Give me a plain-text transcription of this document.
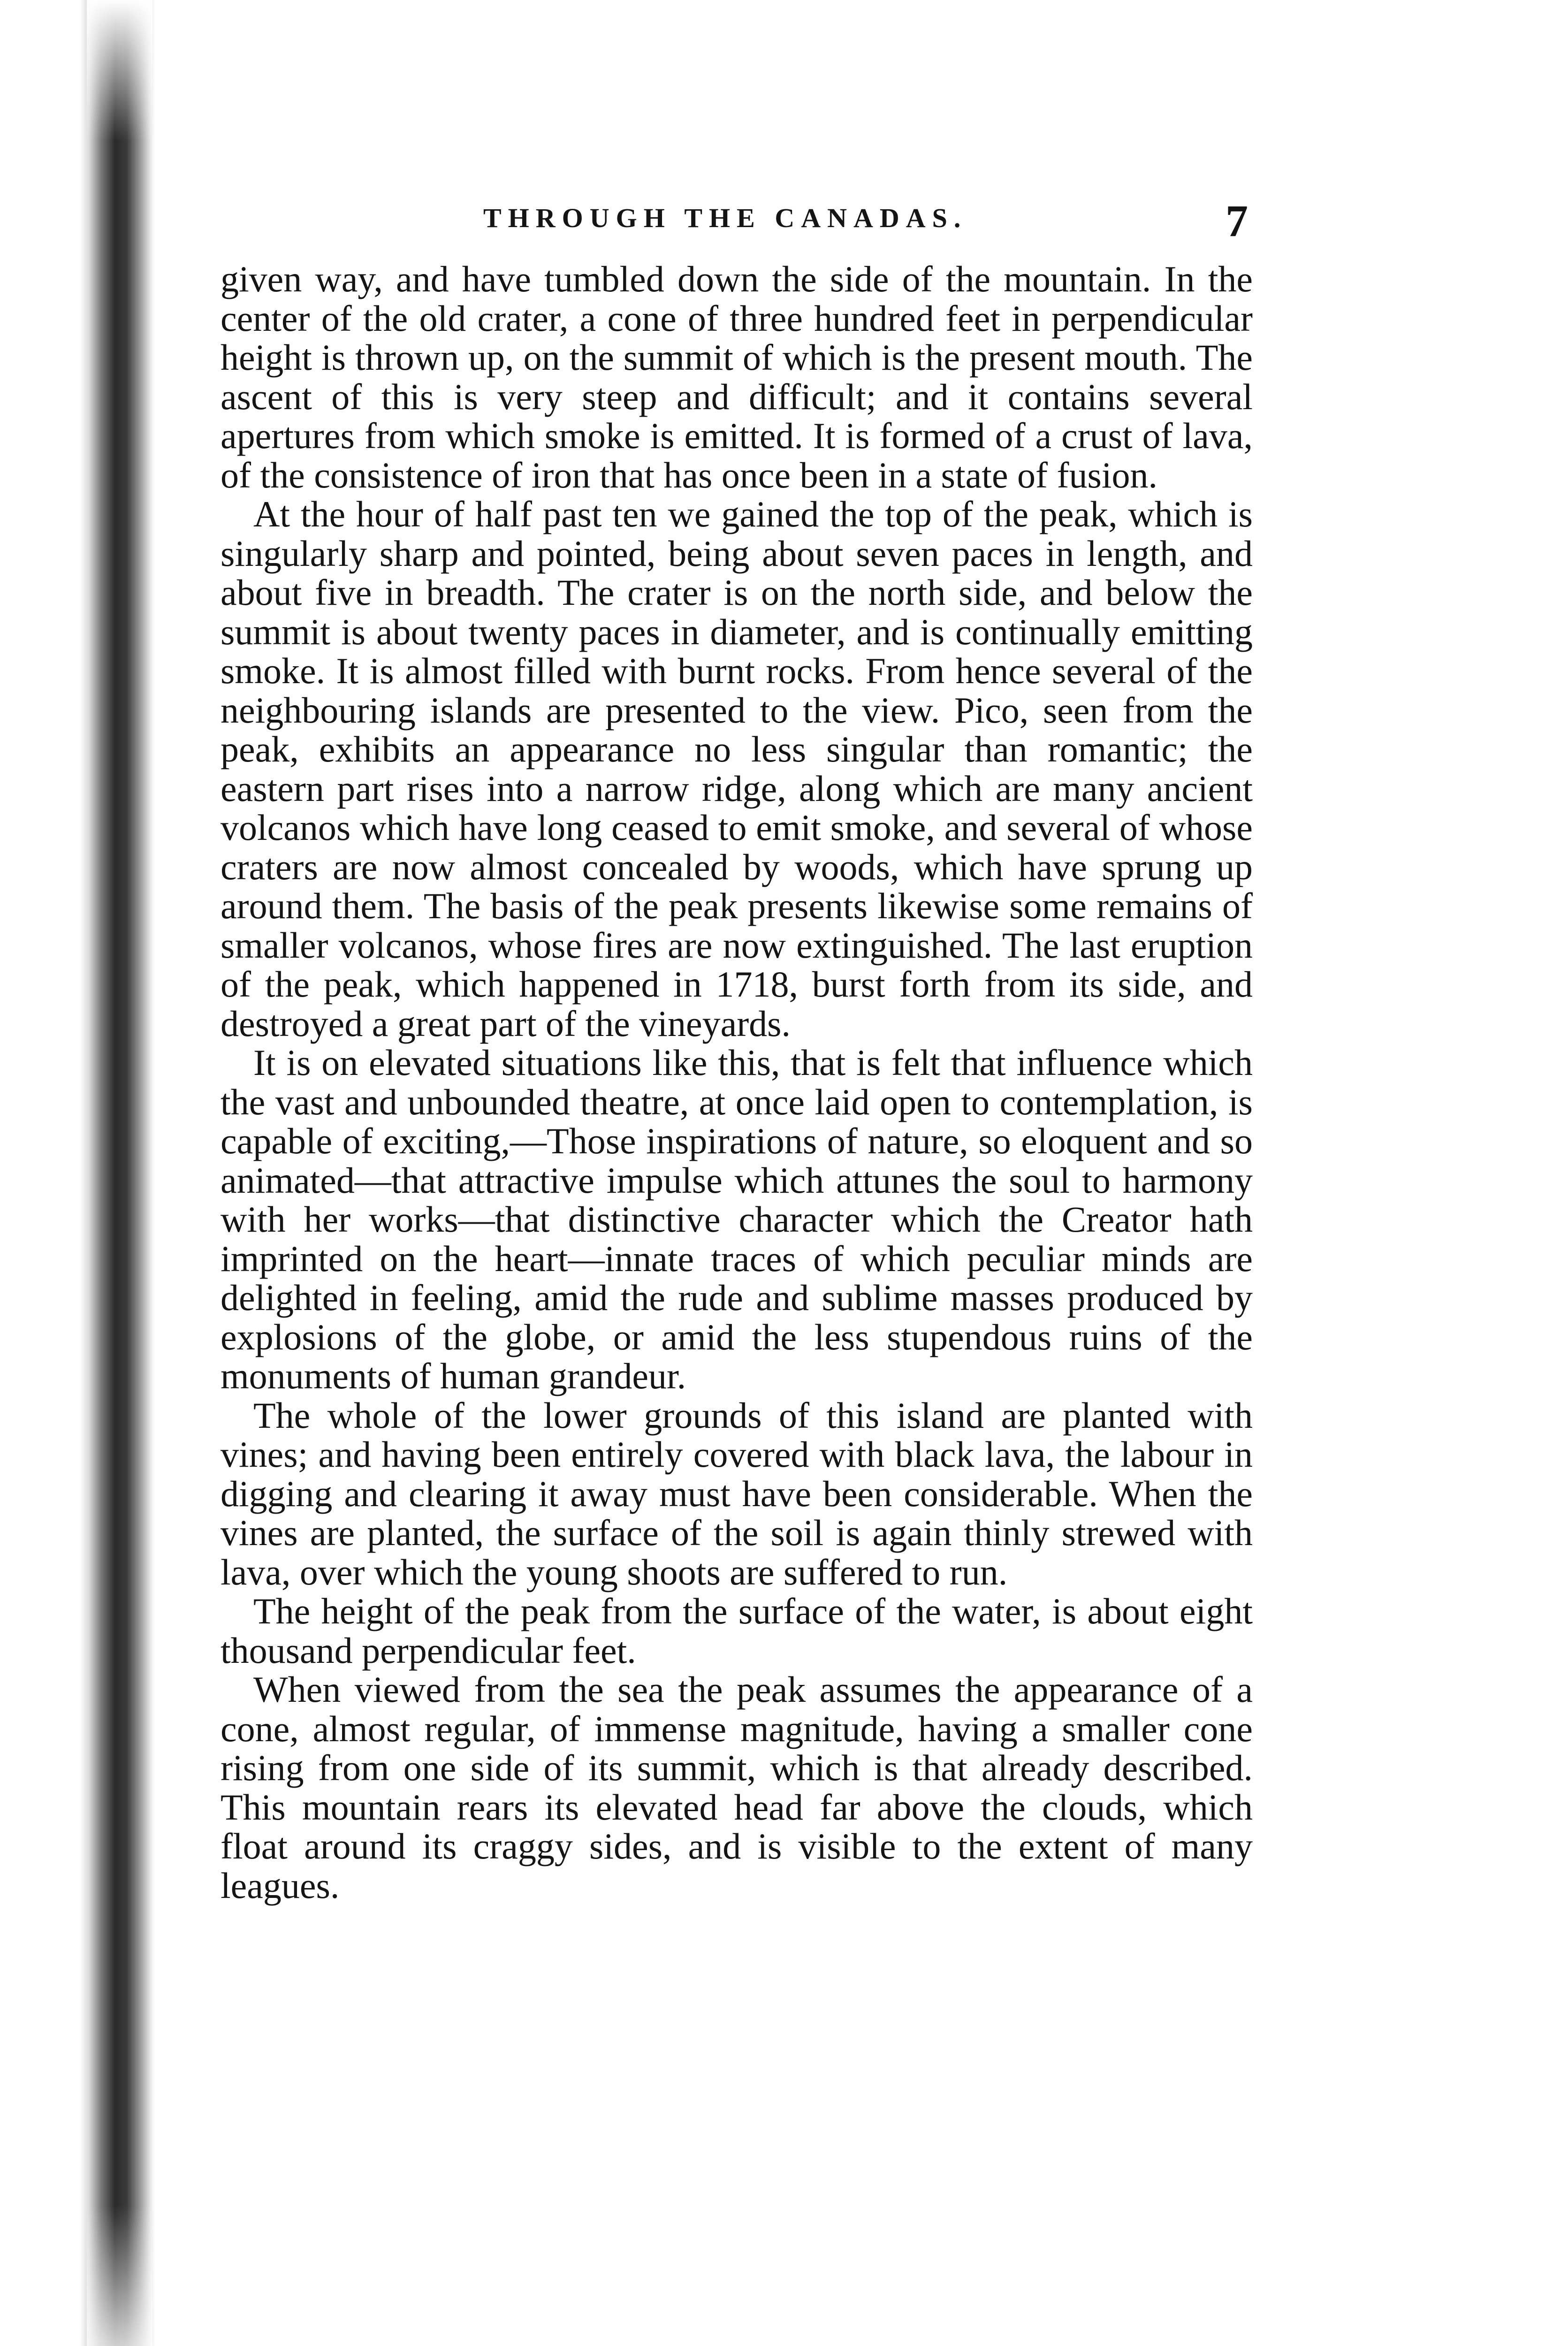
THROUGH THE CANADAS.	7

given way, and have tumbled down the side of the mountain. In the center of the old crater, a cone of three hundred feet in perpendicular height is thrown up, on the summit of which is the present mouth. The ascent of this is very steep and difficult; and it contains several apertures from which smoke is emitted. It is formed of a crust of lava, of the consistence of iron that has once been in a state of fusion.

At the hour of half past ten we gained the top of the peak, which is singularly sharp and pointed, being about seven paces in length, and about five in breadth. The crater is on the north side, and below the summit is about twenty paces in diameter, and is continually emitting smoke. It is almost filled with burnt rocks. From hence several of the neighbouring islands are presented to the view. Pico, seen from the peak, exhibits an appearance no less singular than romantic; the eastern part rises into a narrow ridge, along which are many ancient volcanos which have long ceased to emit smoke, and several of whose craters are now almost concealed by woods, which have sprung up around them. The basis of the peak presents likewise some remains of smaller volcanos, whose fires are now extinguished. The last eruption of the peak, which happened in 1718, burst forth from its side, and destroyed a great part of the vineyards.

It is on elevated situations like this, that is felt that influence which the vast and unbounded theatre, at once laid open to contemplation, is capable of exciting,—Those inspirations of nature, so eloquent and so animated—that attractive impulse which attunes the soul to harmony with her works—that distinctive character which the Creator hath imprinted on the heart—innate traces of which peculiar minds are delighted in feeling, amid the rude and sublime masses produced by explosions of the globe, or amid the less stupendous ruins of the monuments of human grandeur.

The whole of the lower grounds of this island are planted with vines; and having been entirely covered with black lava, the labour in digging and clearing it away must have been considerable. When the vines are planted, the surface of the soil is again thinly strewed with lava, over which the young shoots are suffered to run.

The height of the peak from the surface of the water, is about eight thousand perpendicular feet.

When viewed from the sea the peak assumes the appearance of a cone, almost regular, of immense magnitude, having a smaller cone rising from one side of its summit, which is that already described. This mountain rears its elevated head far above the clouds, which float around its craggy sides, and is visible to the extent of many leagues.
